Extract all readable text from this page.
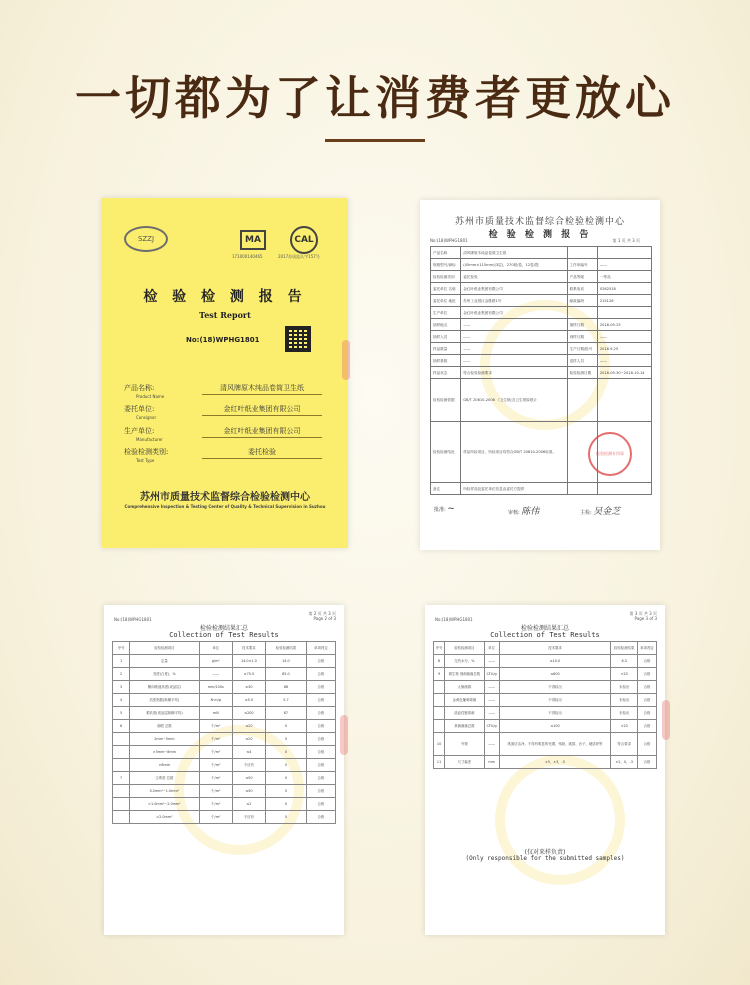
一切都为了让消费者更放心
SZZJ	MA	CAL
171000140465	2017苏质监认字157号
检 验 检 测 报 告
Test Report
No:(18)WPHG1801
产品名称:
Product Name
清风牌原木纯品卷筒卫生纸
委托单位:
Consignor
金红叶纸业集团有限公司
生产单位:
Manufacturer
金红叶纸业集团有限公司
检验检测类别:
Test Type
委托检验
苏州市质量技术监督综合检验检测中心
Comprehensive Inspection & Testing Center of Quality & Technical Supervision in Suzhou
苏州市质量技术监督综合检验检测中心
检 验 检 测 报 告
No:(18)WPHG1801	第 1 页 共 3 页
产品名称	清风牌原木纯品卷筒卫生纸		
规格型号/商标	(45mm×115mm)(3层)，270段/卷，12卷/提	工作单编号	——
检验检测类别	委托检验	产品等级	一等品
委托单位 名称	金红叶纸业集团有限公司	联系电话	0262518
委托单位 地址	苏州工业园区金胜路1号	邮政编码	215126
生产单位	金红叶纸业集团有限公司		
抽样地点	——	抽样日期	2018-09-25
抽样人员	——	到样日期	——
样品数量	——	生产日期/批号	2018.9.25
抽样基数	——	送样人员	——
样品状态	符合检验检测要求	检验检测日期	2018-09-30~2018-10-14
检验检测依据	GB/T 20810-2006 《卫生纸(含卫生纸原纸)》		
检验检测结论	样品所检项目，所检项目均符合GB/T 20810-2006标准。		
备注	所检样品及委托单位信息由委托方提供		
检验检测专用章
批准: ~	审核: 陈伟	主检: 吴金芝
第 2 页 共 3 页
Page 2 of 3
No:(18)WPHG1801
检验检测结果汇总
Collection of Test Results
序号	检验检测项目	单位	技术要求	检验检测结果	单项判定
1	定量	g/m²	14.0±1.0	14.0	合格
2	亮度(白度)，%	——	≥75.0	85.0	合格
3	横向吸液高度(成品层)	mm/100s	≥30	68	合格
4	抗张指数(纵横平均)	N·m/g	≥5.0	5.7	合格
5	柔软度(成品层纵横平均)	mN	≤200	87	合格
6	洞眼 总数	个/m²	≤20	0	合格
	2mm~5mm	个/m²	≤20	0	合格
	>5mm~8mm	个/m²	≤4	0	合格
	>8mm	个/m²	不应有	0	合格
7	尘埃度 总数	个/m²	≤50	0	合格
	0.2mm²~1.0mm²	个/m²	≤50	0	合格
	>1.0mm²~2.0mm²	个/m²	≤2	0	合格
	>2.0mm²	个/m²	不应有	0	合格
第 3 页 共 3 页
Page 3 of 3
No:(18)WPHG1801
检验检测结果汇总
Collection of Test Results
序号	检验检测项目	单位	技术要求	检验检测结果	单项判定
8	交货水分，%	——	≤10.0	6.3	合格
9	微生物 细菌菌落总数	CFU/g	≤600	<20	合格
	大肠菌群	——	不得检出	未检出	合格
	金黄色葡萄球菌	——	不得检出	未检出	合格
	溶血性链球菌	——	不得检出	未检出	合格
	真菌菌落总数	CFU/g	≤100	<20	合格
10	外观	——	纸面应洁净，不得有明显的死褶、残缺、破损、沙子、硬质块等	符合要求	合格
11	尺寸偏差	mm	±5，±3，-5	±2，0，-3	合格
(仅对来样负责)
(Only responsible for the submitted samples)
